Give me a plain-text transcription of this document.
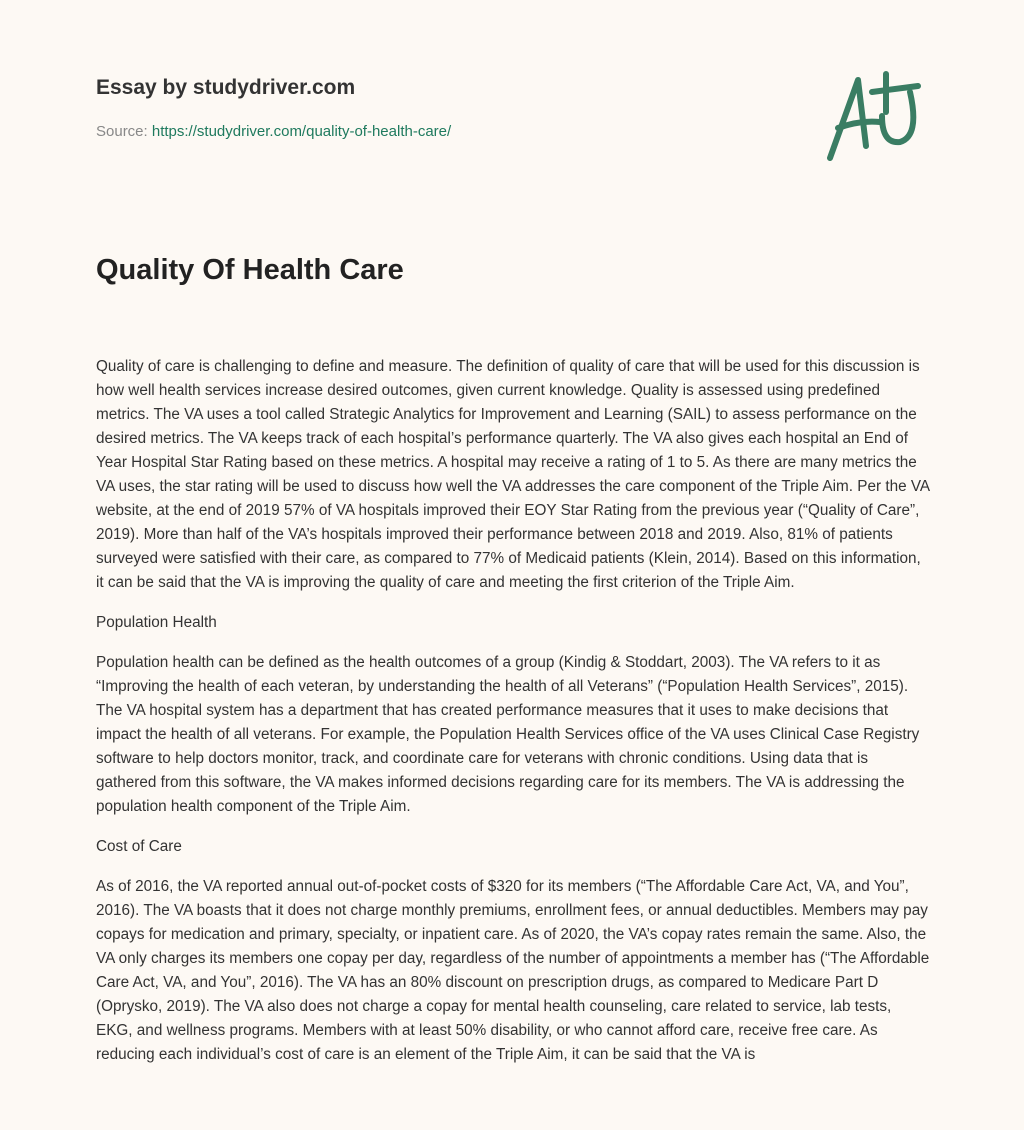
Essay by studydriver.com
Source: https://studydriver.com/quality-of-health-care/
Quality Of Health Care

Quality of care is challenging to define and measure. The definition of quality of care that will be used for this discussion is how well health services increase desired outcomes, given current knowledge. Quality is assessed using predefined metrics. The VA uses a tool called Strategic Analytics for Improvement and Learning (SAIL) to assess performance on the desired metrics. The VA keeps track of each hospital’s performance quarterly. The VA also gives each hospital an End of Year Hospital Star Rating based on these metrics. A hospital may receive a rating of 1 to 5. As there are many metrics the VA uses, the star rating will be used to discuss how well the VA addresses the care component of the Triple Aim. Per the VA website, at the end of 2019 57% of VA hospitals improved their EOY Star Rating from the previous year (“Quality of Care”, 2019). More than half of the VA’s hospitals improved their performance between 2018 and 2019. Also, 81% of patients surveyed were satisfied with their care, as compared to 77% of Medicaid patients (Klein, 2014). Based on this information, it can be said that the VA is improving the quality of care and meeting the first criterion of the Triple Aim.

Population Health

Population health can be defined as the health outcomes of a group (Kindig & Stoddart, 2003). The VA refers to it as “Improving the health of each veteran, by understanding the health of all Veterans” (“Population Health Services”, 2015). The VA hospital system has a department that has created performance measures that it uses to make decisions that impact the health of all veterans. For example, the Population Health Services office of the VA uses Clinical Case Registry software to help doctors monitor, track, and coordinate care for veterans with chronic conditions. Using data that is gathered from this software, the VA makes informed decisions regarding care for its members. The VA is addressing the population health component of the Triple Aim.

Cost of Care

As of 2016, the VA reported annual out-of-pocket costs of $320 for its members (“The Affordable Care Act, VA, and You”, 2016). The VA boasts that it does not charge monthly premiums, enrollment fees, or annual deductibles. Members may pay copays for medication and primary, specialty, or inpatient care. As of 2020, the VA’s copay rates remain the same. Also, the VA only charges its members one copay per day, regardless of the number of appointments a member has (“The Affordable Care Act, VA, and You”, 2016). The VA has an 80% discount on prescription drugs, as compared to Medicare Part D (Oprysko, 2019). The VA also does not charge a copay for mental health counseling, care related to service, lab tests, EKG, and wellness programs. Members with at least 50% disability, or who cannot afford care, receive free care. As reducing each individual’s cost of care is an element of the Triple Aim, it can be said that the VA is
